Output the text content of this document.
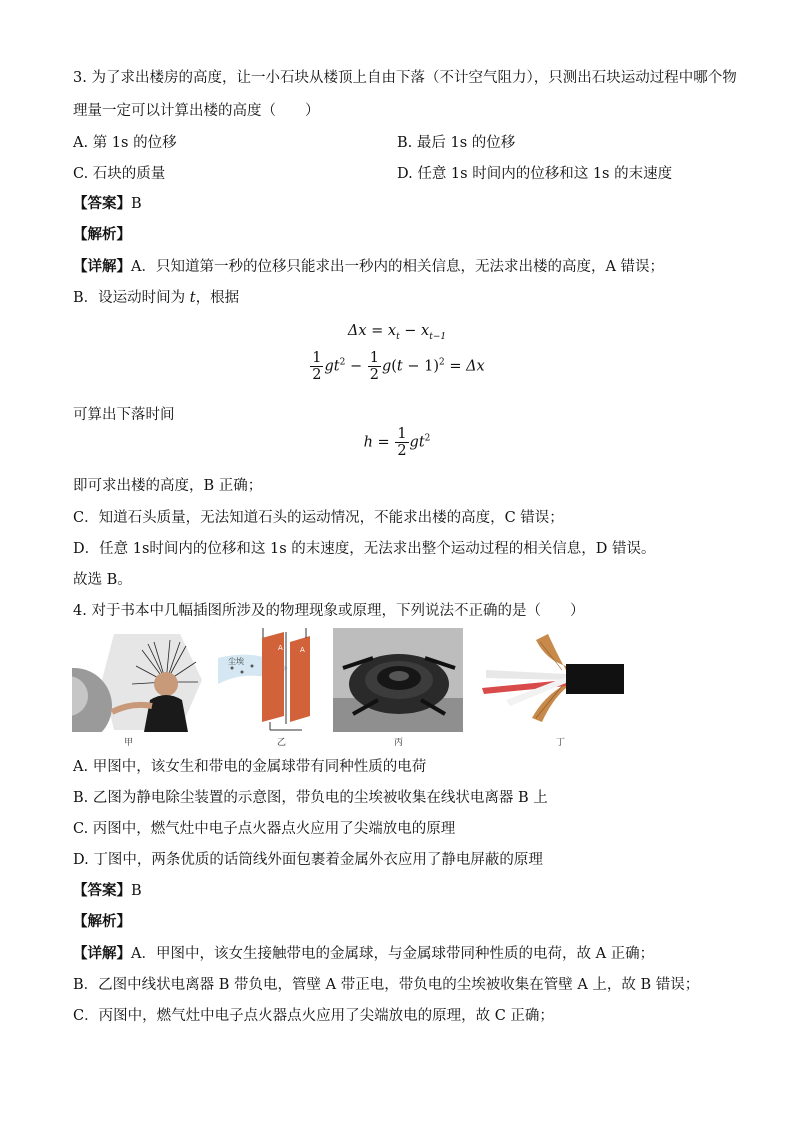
3. 为了求出楼房的高度，让一小石块从楼顶上自由下落（不计空气阻力），只测出石块运动过程中哪个物
理量一定可以计算出楼的高度（　　）
A. 第 1s 的位移	B. 最后 1s 的位移
C. 石块的质量	D. 任意 1s 时间内的位移和这 1s 的末速度
【答案】B
【解析】
【详解】A．只知道第一秒的位移只能求出一秒内的相关信息，无法求出楼的高度，A 错误；
B．设运动时间为 t，根据
$\Delta x = x_t - x_{t-1}$
$\frac{1}{2} gt^2 - \frac{1}{2} g(t - 1)^2 = \Delta x$
可算出下落时间
$h = \frac{1}{2} gt^2$
即可求出楼的高度，B 正确；
C．知道石头质量，无法知道石头的运动情况，不能求出楼的高度，C 错误；
D．任意 1s时间内的位移和这 1s 的末速度，无法求出整个运动过程的相关信息，D 错误。
故选 B。
4. 对于书本中几幅插图所涉及的物理现象或原理，下列说法不正确的是（　　）
甲
A A
尘埃
乙	丙	丁
A. 甲图中，该女生和带电的金属球带有同种性质的电荷
B. 乙图为静电除尘装置的示意图，带负电的尘埃被收集在线状电离器 B 上
C. 丙图中，燃气灶中电子点火器点火应用了尖端放电的原理
D. 丁图中，两条优质的话筒线外面包裹着金属外衣应用了静电屏蔽的原理
【答案】B
【解析】
【详解】A．甲图中，该女生接触带电的金属球，与金属球带同种性质的电荷，故 A 正确；
B．乙图中线状电离器 B 带负电，管壁 A 带正电，带负电的尘埃被收集在管壁 A 上，故 B 错误；
C．丙图中，燃气灶中电子点火器点火应用了尖端放电的原理，故 C 正确；
